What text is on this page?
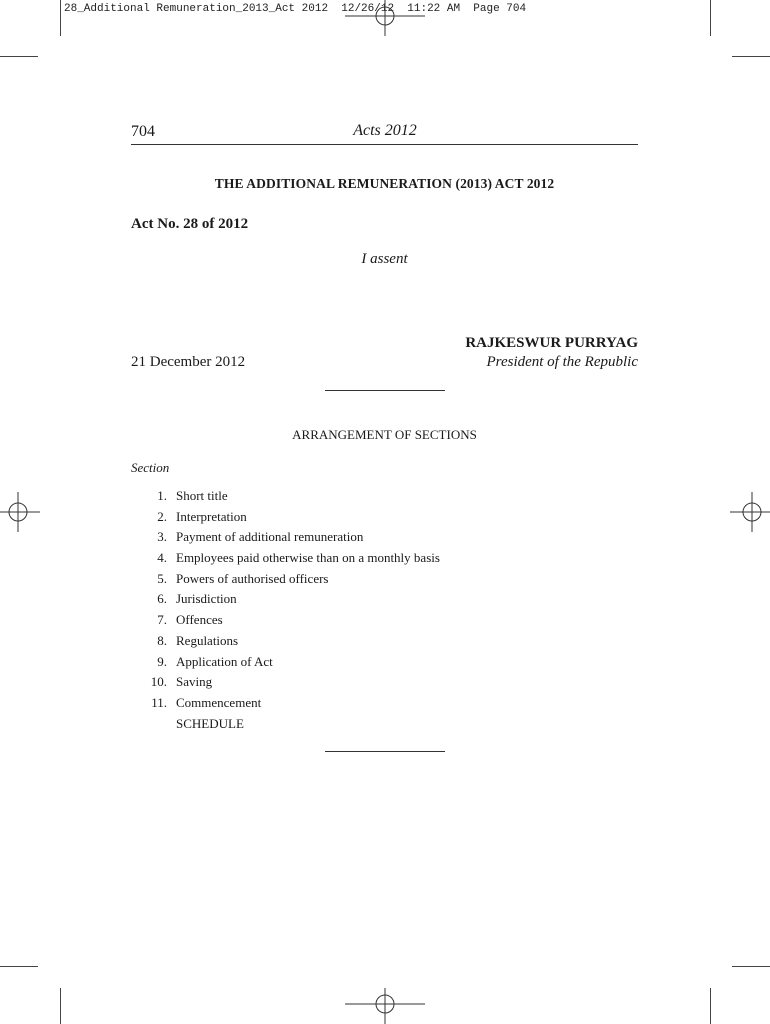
28_Additional Remuneration_2013_Act 2012 12/26/12 11:22 AM Page 704
704	Acts 2012
THE ADDITIONAL REMUNERATION (2013) ACT 2012
Act No. 28 of 2012
I assent
RAJKESWUR PURRYAG
President of the Republic
21 December 2012
ARRANGEMENT OF SECTIONS
Section
1. Short title
2. Interpretation
3. Payment of additional remuneration
4. Employees paid otherwise than on a monthly basis
5. Powers of authorised officers
6. Jurisdiction
7. Offences
8. Regulations
9. Application of Act
10. Saving
11. Commencement
SCHEDULE
